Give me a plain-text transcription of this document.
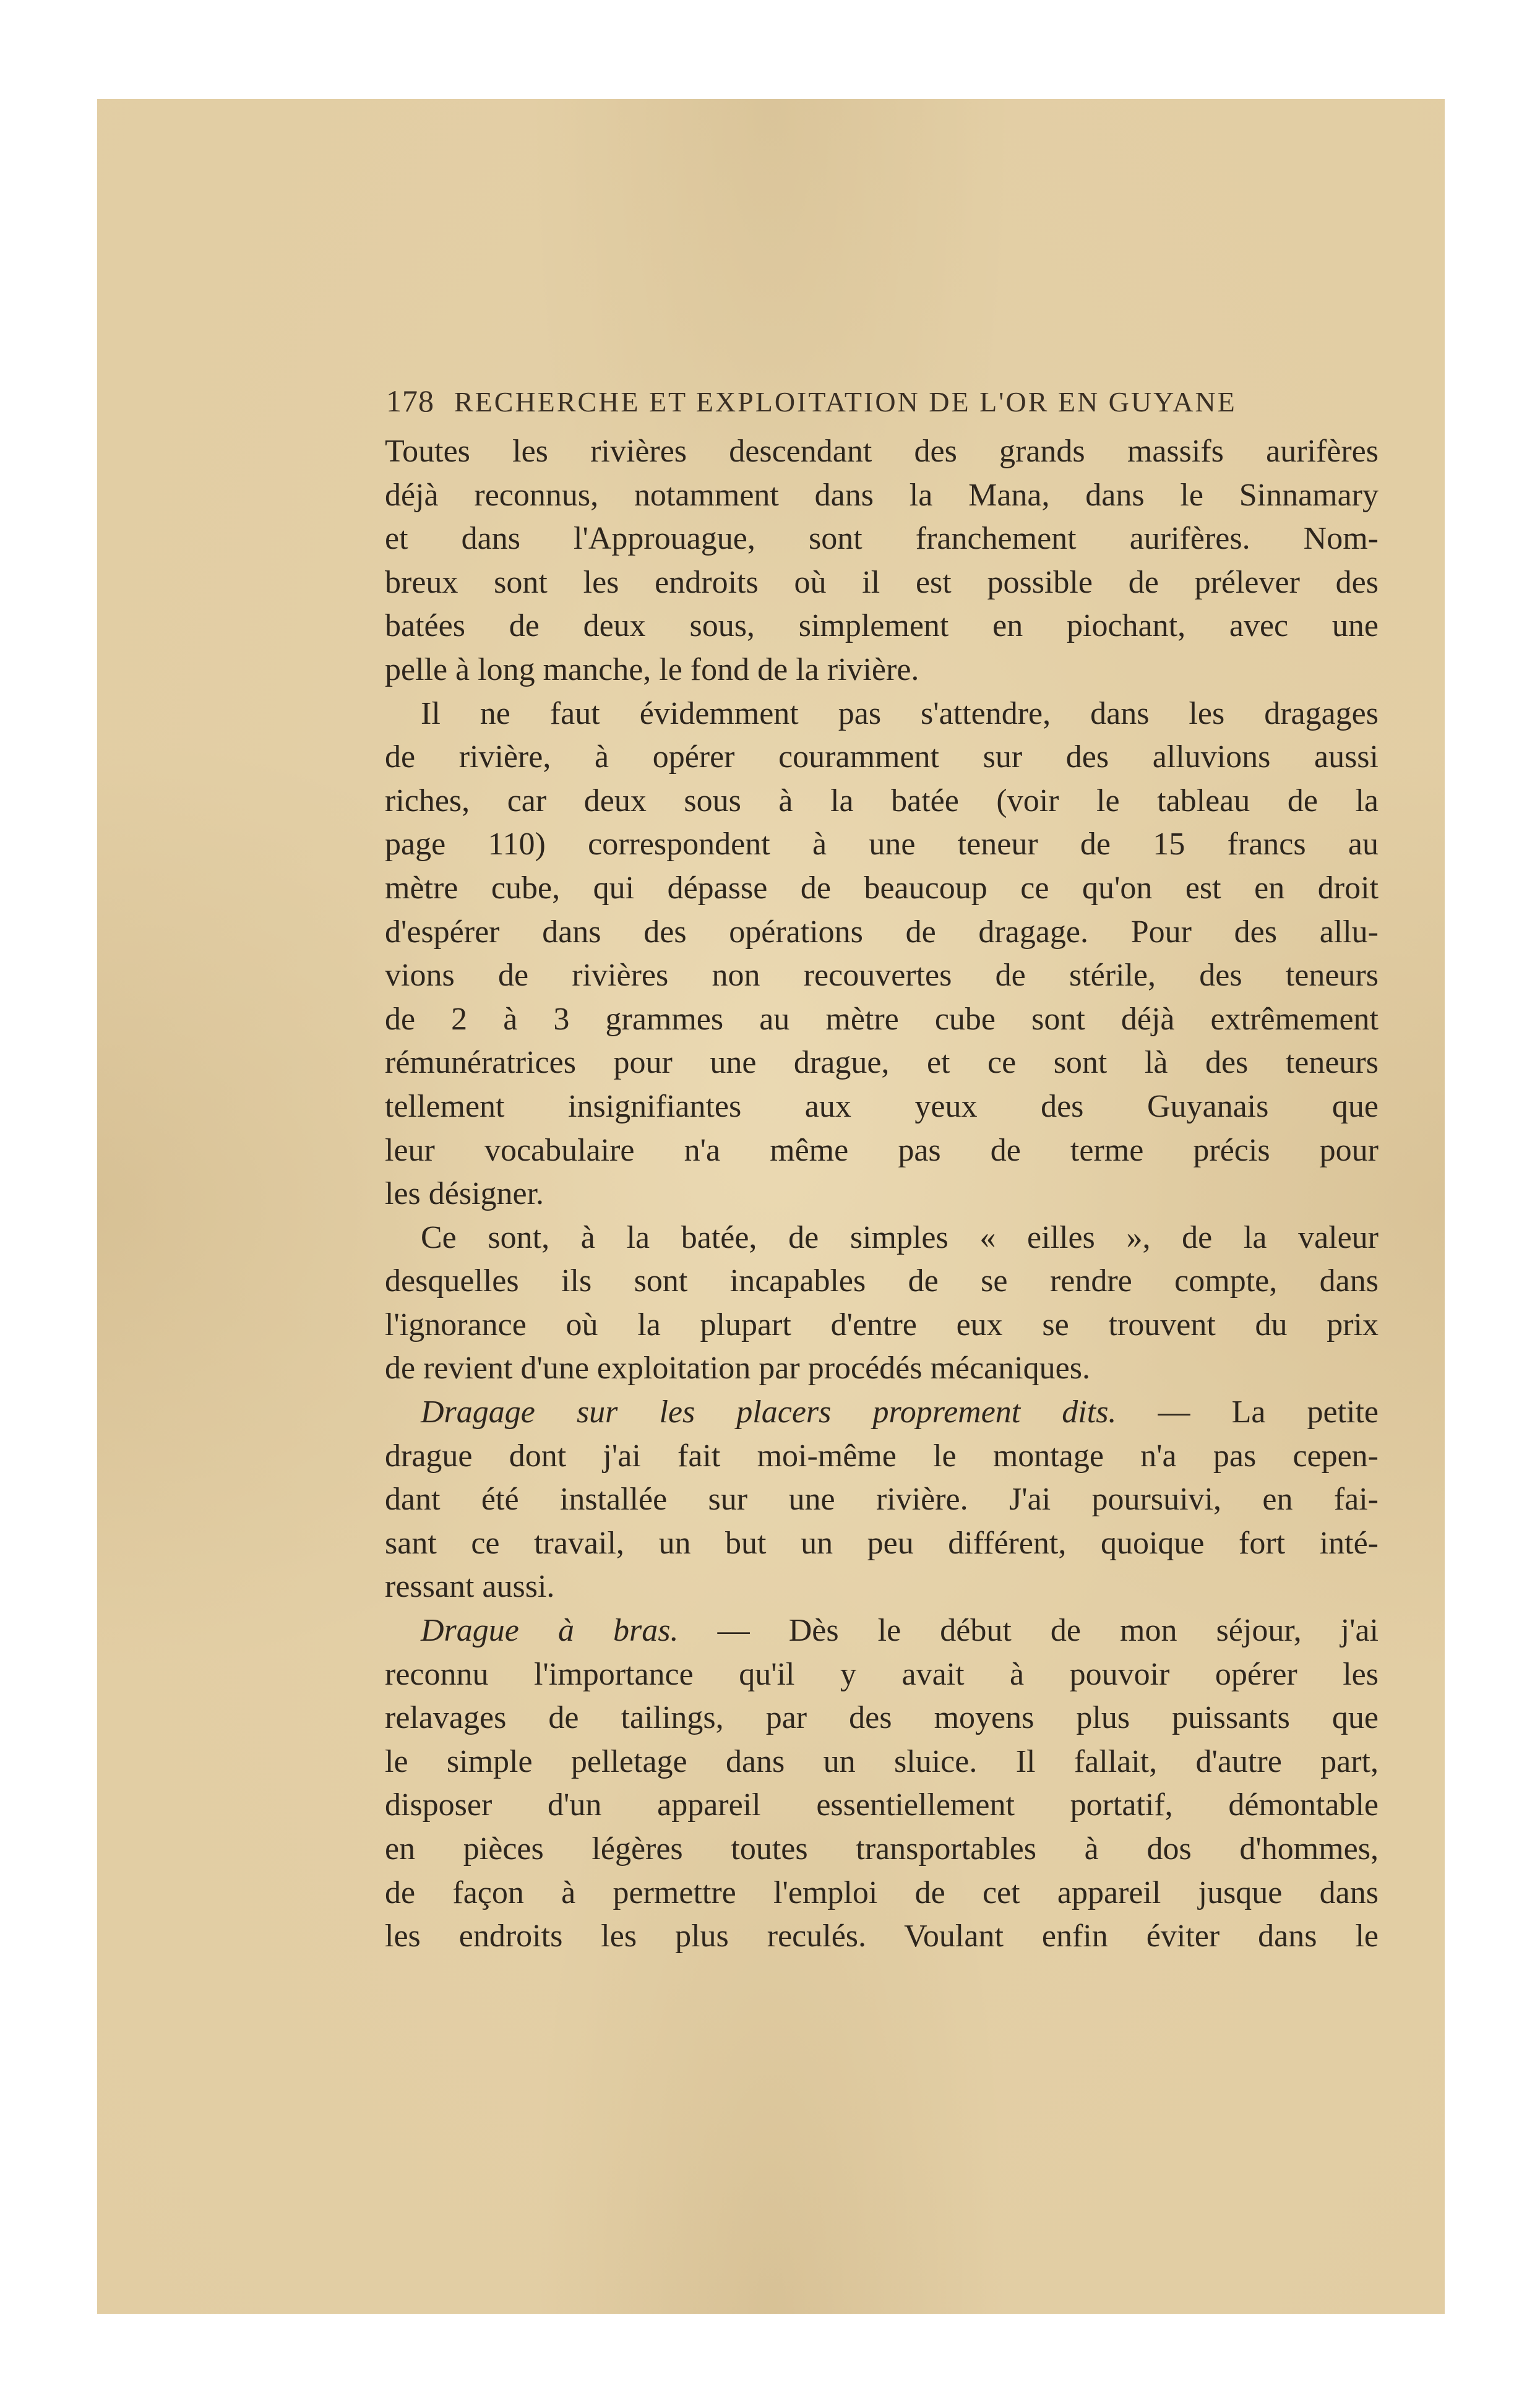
178 RECHERCHE ET EXPLOITATION DE L'OR EN GUYANE
Toutes les rivières descendant des grands massifs aurifères
déjà reconnus, notamment dans la Mana, dans le Sinnamary
et dans l'Approuague, sont franchement aurifères. Nom-
breux sont les endroits où il est possible de prélever des
batées de deux sous, simplement en piochant, avec une
pelle à long manche, le fond de la rivière.
Il ne faut évidemment pas s'attendre, dans les dragages
de rivière, à opérer couramment sur des alluvions aussi
riches, car deux sous à la batée (voir le tableau de la
page 110) correspondent à une teneur de 15 francs au
mètre cube, qui dépasse de beaucoup ce qu'on est en droit
d'espérer dans des opérations de dragage. Pour des allu-
vions de rivières non recouvertes de stérile, des teneurs
de 2 à 3 grammes au mètre cube sont déjà extrêmement
rémunératrices pour une drague, et ce sont là des teneurs
tellement insignifiantes aux yeux des Guyanais que
leur vocabulaire n'a même pas de terme précis pour
les désigner.
Ce sont, à la batée, de simples « eilles », de la valeur
desquelles ils sont incapables de se rendre compte, dans
l'ignorance où la plupart d'entre eux se trouvent du prix
de revient d'une exploitation par procédés mécaniques.
Dragage sur les placers proprement dits. — La petite
drague dont j'ai fait moi-même le montage n'a pas cepen-
dant été installée sur une rivière. J'ai poursuivi, en fai-
sant ce travail, un but un peu différent, quoique fort inté-
ressant aussi.
Drague à bras. — Dès le début de mon séjour, j'ai
reconnu l'importance qu'il y avait à pouvoir opérer les
relavages de tailings, par des moyens plus puissants que
le simple pelletage dans un sluice. Il fallait, d'autre part,
disposer d'un appareil essentiellement portatif, démontable
en pièces légères toutes transportables à dos d'hommes,
de façon à permettre l'emploi de cet appareil jusque dans
les endroits les plus reculés. Voulant enfin éviter dans le
